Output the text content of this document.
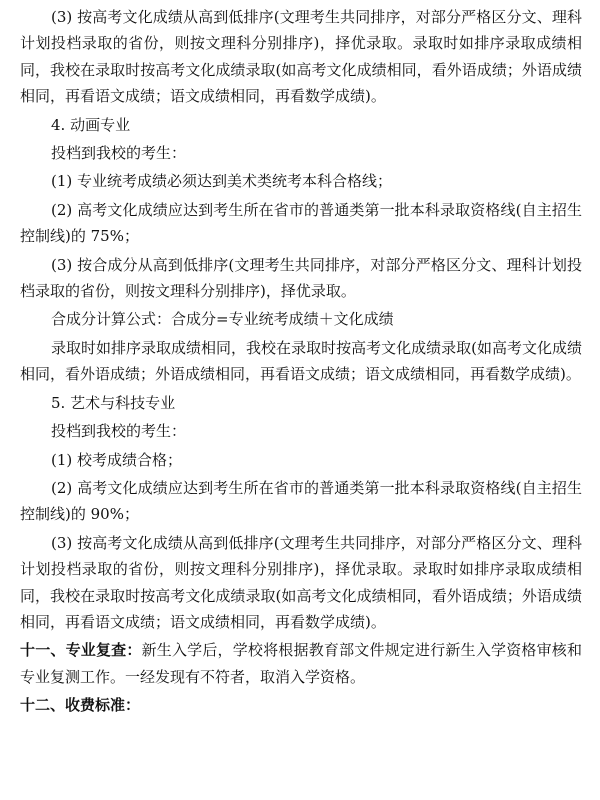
(3) 按高考文化成绩从高到低排序(文理考生共同排序，对部分严格区分文、理科计划投档录取的省份，则按文理科分别排序)，择优录取。录取时如排序录取成绩相同，我校在录取时按高考文化成绩录取(如高考文化成绩相同，看外语成绩；外语成绩相同，再看语文成绩；语文成绩相同，再看数学成绩)。

4. 动画专业

投档到我校的考生：

(1) 专业统考成绩必须达到美术类统考本科合格线；

(2) 高考文化成绩应达到考生所在省市的普通类第一批本科录取资格线(自主招生控制线)的 75%；

(3) 按合成分从高到低排序(文理考生共同排序，对部分严格区分文、理科计划投档录取的省份，则按文理科分别排序)，择优录取。

合成分计算公式：合成分=专业统考成绩＋文化成绩

录取时如排序录取成绩相同，我校在录取时按高考文化成绩录取(如高考文化成绩相同，看外语成绩；外语成绩相同，再看语文成绩；语文成绩相同，再看数学成绩)。

5. 艺术与科技专业

投档到我校的考生：

(1) 校考成绩合格；

(2) 高考文化成绩应达到考生所在省市的普通类第一批本科录取资格线(自主招生控制线)的 90%；

(3) 按高考文化成绩从高到低排序(文理考生共同排序，对部分严格区分文、理科计划投档录取的省份，则按文理科分别排序)，择优录取。录取时如排序录取成绩相同，我校在录取时按高考文化成绩录取(如高考文化成绩相同，看外语成绩；外语成绩相同，再看语文成绩；语文成绩相同，再看数学成绩)。

十一、专业复查：新生入学后，学校将根据教育部文件规定进行新生入学资格审核和专业复测工作。一经发现有不符者，取消入学资格。

十二、收费标准：
